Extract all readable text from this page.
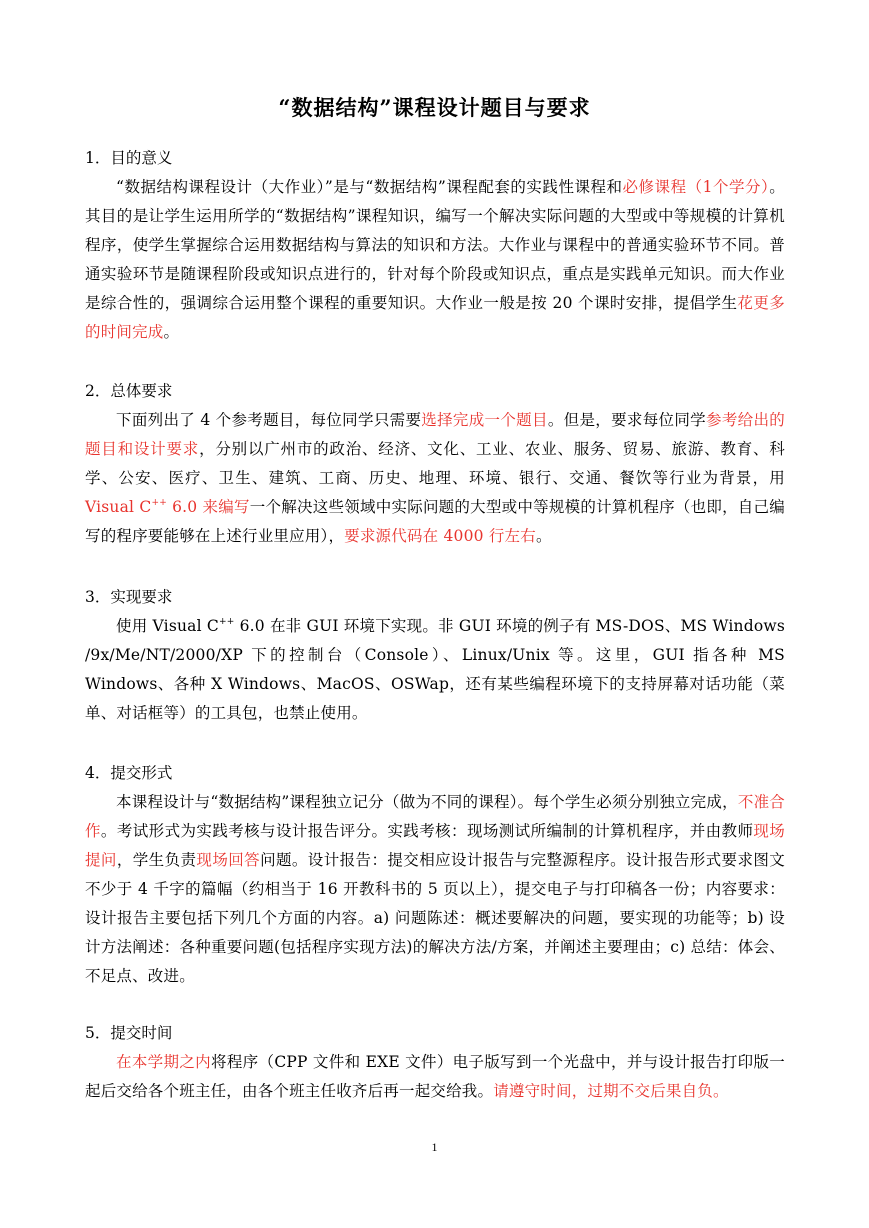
“数据结构”课程设计题目与要求
1．目的意义
“数据结构课程设计（大作业）”是与“数据结构”课程配套的实践性课程和必修课程（1个学分）。其目的是让学生运用所学的“数据结构”课程知识，编写一个解决实际问题的大型或中等规模的计算机程序，使学生掌握综合运用数据结构与算法的知识和方法。大作业与课程中的普通实验环节不同。普通实验环节是随课程阶段或知识点进行的，针对每个阶段或知识点，重点是实践单元知识。而大作业是综合性的，强调综合运用整个课程的重要知识。大作业一般是按 20 个课时安排，提倡学生花更多的时间完成。
2．总体要求
下面列出了 4 个参考题目，每位同学只需要选择完成一个题目。但是，要求每位同学参考给出的题目和设计要求，分别以广州市的政治、经济、文化、工业、农业、服务、贸易、旅游、教育、科学、公安、医疗、卫生、建筑、工商、历史、地理、环境、银行、交通、餐饮等行业为背景，用 Visual C++ 6.0 来编写一个解决这些领域中实际问题的大型或中等规模的计算机程序（也即，自己编写的程序要能够在上述行业里应用），要求源代码在 4000 行左右。
3．实现要求
使用 Visual C++ 6.0 在非 GUI 环境下实现。非 GUI 环境的例子有 MS-DOS、MS Windows /9x/Me/NT/2000/XP 下的控制台（Console）、Linux/Unix 等。这里，GUI 指各种 MS Windows、各种 X Windows、MacOS、OSWap，还有某些编程环境下的支持屏幕对话功能（菜单、对话框等）的工具包，也禁止使用。
4．提交形式
本课程设计与“数据结构”课程独立记分（做为不同的课程）。每个学生必须分别独立完成，不准合作。考试形式为实践考核与设计报告评分。实践考核：现场测试所编制的计算机程序，并由教师现场提问，学生负责现场回答问题。设计报告：提交相应设计报告与完整源程序。设计报告形式要求图文不少于 4 千字的篇幅（约相当于 16 开教科书的 5 页以上），提交电子与打印稿各一份；内容要求：设计报告主要包括下列几个方面的内容。a) 问题陈述：概述要解决的问题，要实现的功能等；b) 设计方法阐述：各种重要问题(包括程序实现方法)的解决方法/方案，并阐述主要理由；c) 总结：体会、不足点、改进。
5．提交时间
在本学期之内将程序（CPP 文件和 EXE 文件）电子版写到一个光盘中，并与设计报告打印版一起后交给各个班主任，由各个班主任收齐后再一起交给我。请遵守时间，过期不交后果自负。
1
